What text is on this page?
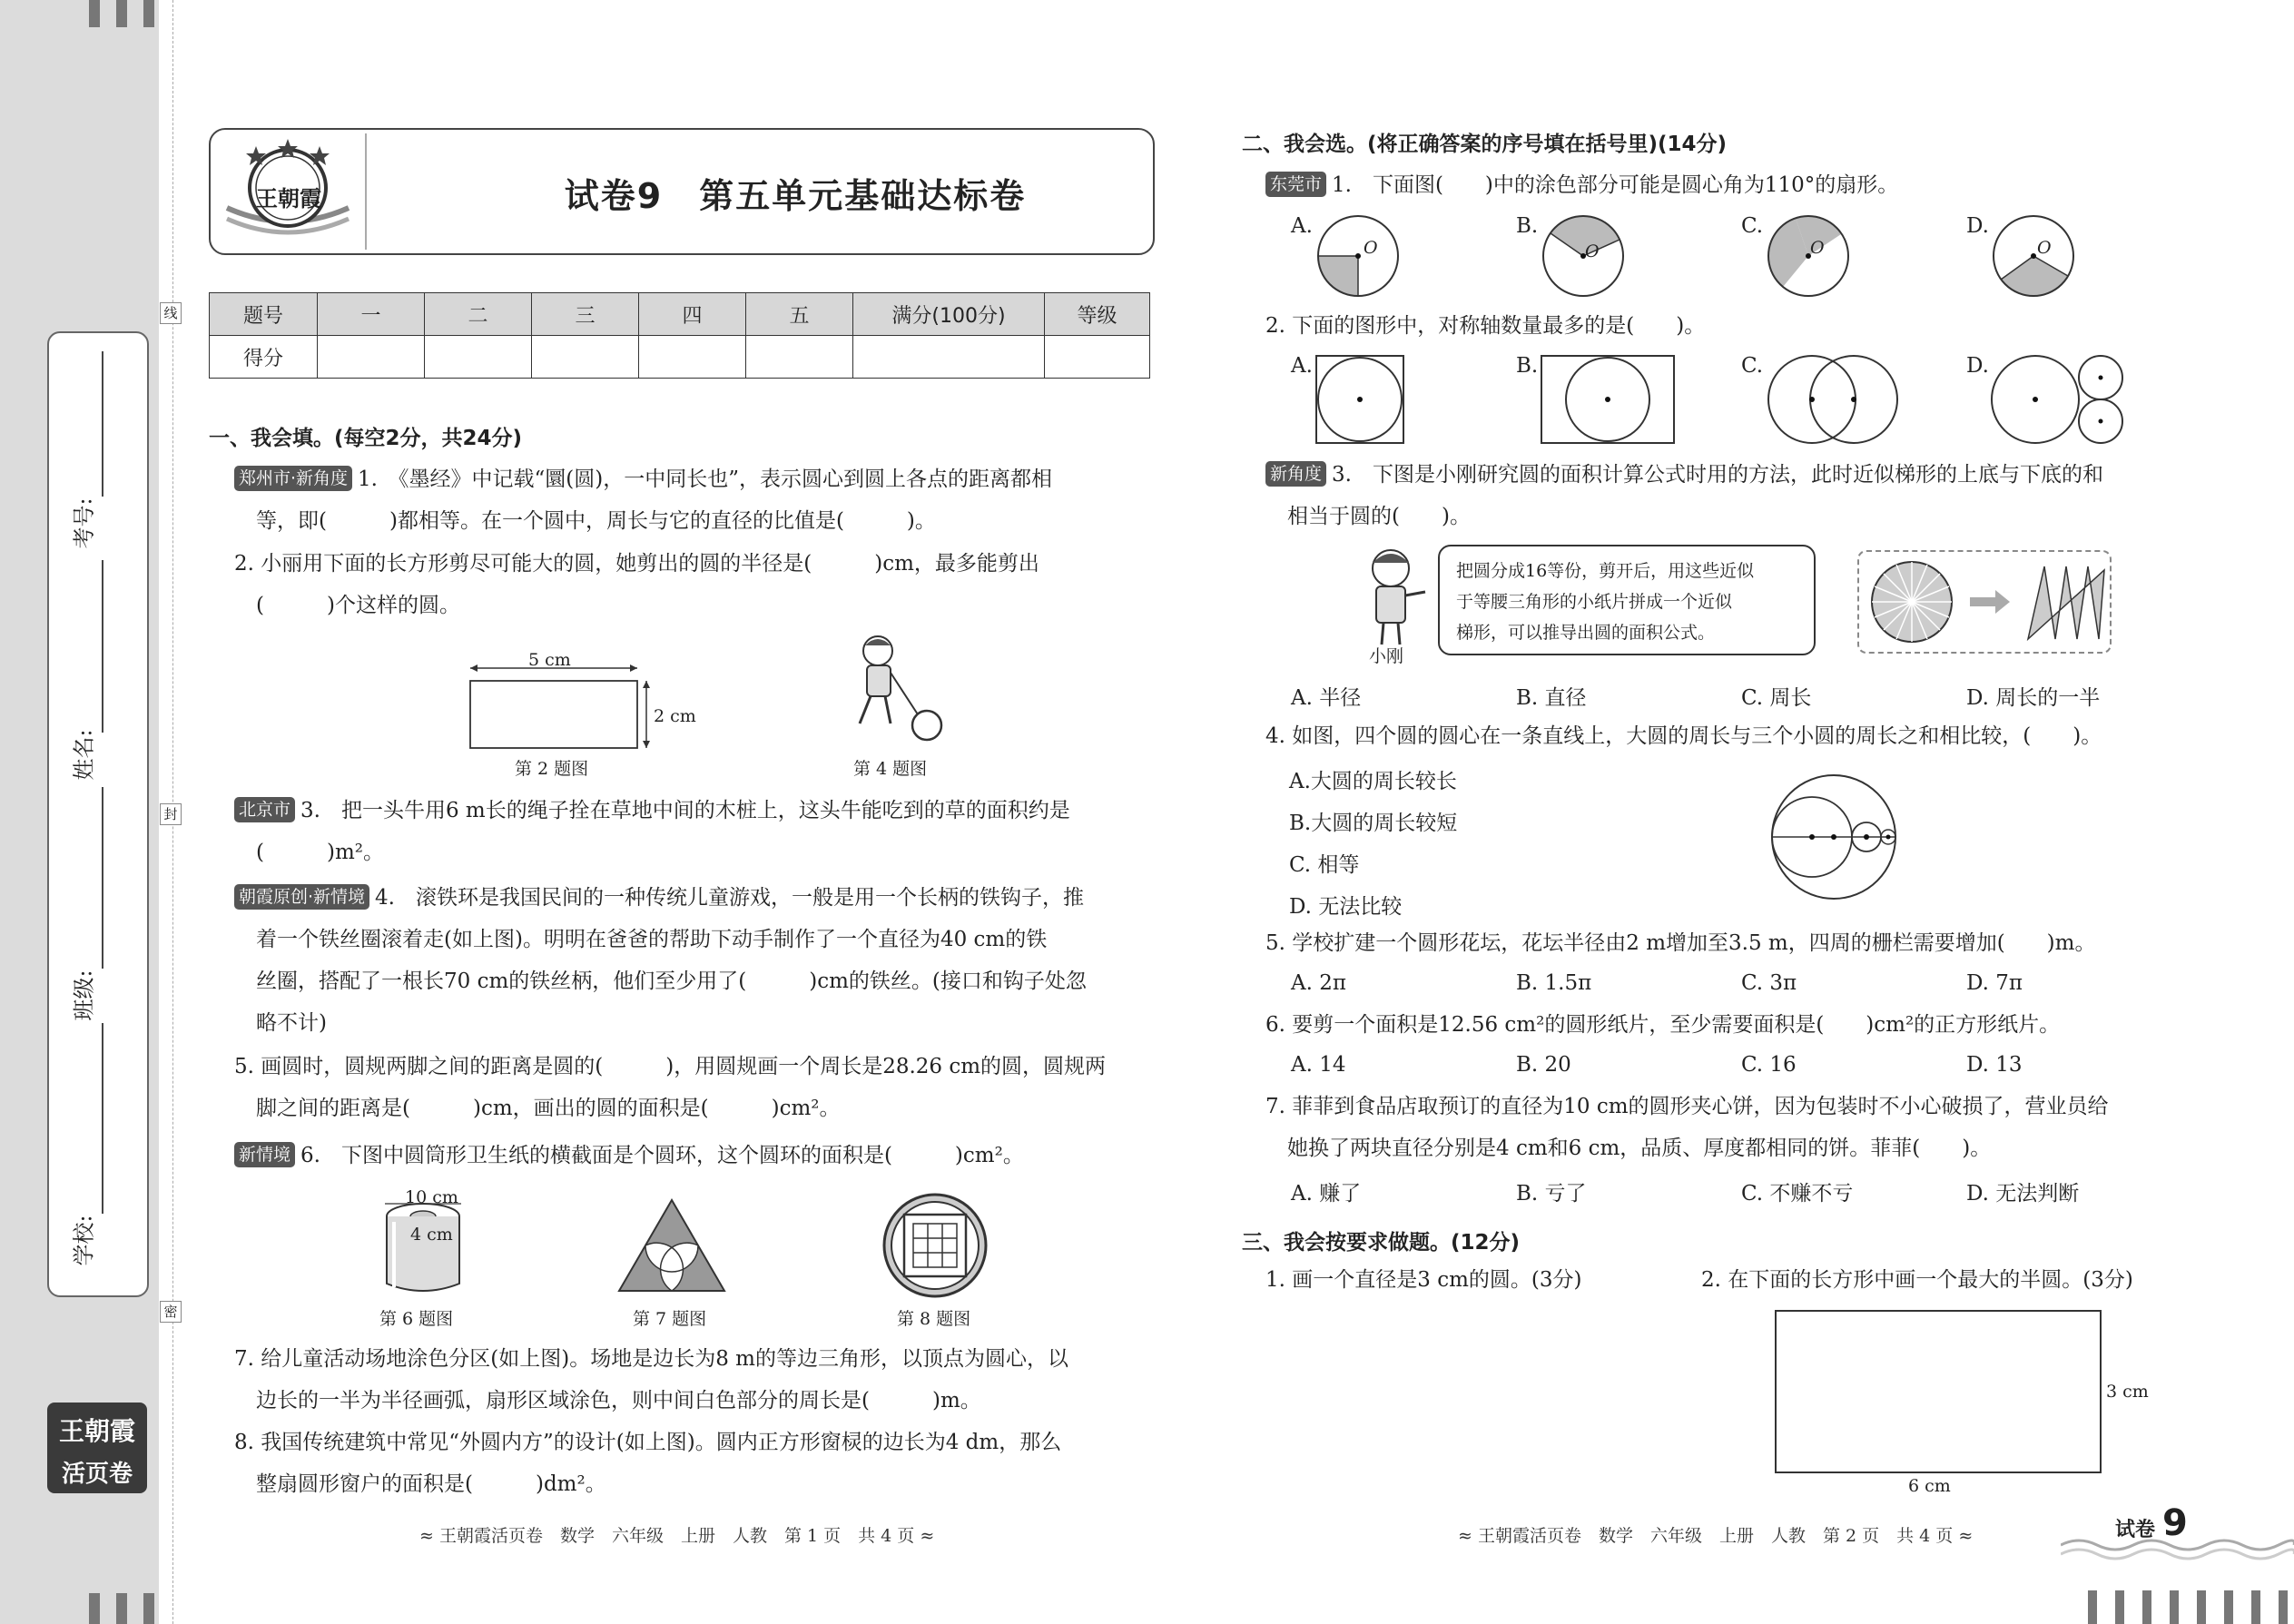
学校:
班级:
姓名:
考号:
线
封
密
王朝霞
活页卷
王朝霞	试卷9　第五单元基础达标卷
题号	一	二	三	四	五	满分(100分)	等级
得分							
一、我会填。(每空2分，共24分)
郑州市·新角度 1.　《墨经》中记载“圜(圆)，一中同长也”，表示圆心到圆上各点的距离都相
等，即(　　　)都相等。在一个圆中，周长与它的直径的比值是(　　　)。
2. 小丽用下面的长方形剪尽可能大的圆，她剪出的圆的半径是(　　　)cm，最多能剪出
(　　　)个这样的圆。
5 cm
2 cm
第 2 题图	第 4 题图
北京市 3.　把一头牛用6 m长的绳子拴在草地中间的木桩上，这头牛能吃到的草的面积约是
(　　　)m²。
朝霞原创·新情境 4.　滚铁环是我国民间的一种传统儿童游戏，一般是用一个长柄的铁钩子，推
着一个铁丝圈滚着走(如上图)。明明在爸爸的帮助下动手制作了一个直径为40 cm的铁
丝圈，搭配了一根长70 cm的铁丝柄，他们至少用了(　　　)cm的铁丝。(接口和钩子处忽
略不计)
5. 画圆时，圆规两脚之间的距离是圆的(　　　)，用圆规画一个周长是28.26 cm的圆，圆规两
脚之间的距离是(　　　)cm，画出的圆的面积是(　　　)cm²。
新情境 6.　下图中圆筒形卫生纸的横截面是个圆环，这个圆环的面积是(　　　)cm²。
10 cm
4 cm
第 6 题图	第 7 题图	第 8 题图
7. 给儿童活动场地涂色分区(如上图)。场地是边长为8 m的等边三角形，以顶点为圆心，以
边长的一半为半径画弧，扇形区域涂色，则中间白色部分的周长是(　　　)m。
8. 我国传统建筑中常见“外圆内方”的设计(如上图)。圆内正方形窗棂的边长为4 dm，那么
整扇圆形窗户的面积是(　　　)dm²。
≈ 王朝霞活页卷　数学　六年级　上册　人教　第 1 页　共 4 页 ≈
二、我会选。(将正确答案的序号填在括号里)(14分)
东莞市 1.　下面图(　　)中的涂色部分可能是圆心角为110°的扇形。
A.	B.	C.	D.
O	O	O	O
2. 下面的图形中，对称轴数量最多的是(　　)。
A.	B.	C.	D.
新角度 3.　下图是小刚研究圆的面积计算公式时用的方法，此时近似梯形的上底与下底的和
相当于圆的(　　)。
小刚
把圆分成16等份，剪开后，用这些近似
于等腰三角形的小纸片拼成一个近似
梯形，可以推导出圆的面积公式。
A. 半径	B. 直径	C. 周长	D. 周长的一半
4. 如图，四个圆的圆心在一条直线上，大圆的周长与三个小圆的周长之和相比较，(　　)。
A.大圆的周长较长
B.大圆的周长较短
C. 相等
D. 无法比较
5. 学校扩建一个圆形花坛，花坛半径由2 m增加至3.5 m，四周的栅栏需要增加(　　)m。
A. 2π	B. 1.5π	C. 3π	D. 7π
6. 要剪一个面积是12.56 cm²的圆形纸片，至少需要面积是(　　)cm²的正方形纸片。
A. 14	B. 20	C. 16	D. 13
7. 菲菲到食品店取预订的直径为10 cm的圆形夹心饼，因为包装时不小心破损了，营业员给
她换了两块直径分别是4 cm和6 cm，品质、厚度都相同的饼。菲菲(　　)。
A. 赚了	B. 亏了	C. 不赚不亏	D. 无法判断
三、我会按要求做题。(12分)
1. 画一个直径是3 cm的圆。(3分)	2. 在下面的长方形中画一个最大的半圆。(3分)
3 cm
6 cm
≈ 王朝霞活页卷　数学　六年级　上册　人教　第 2 页　共 4 页 ≈	试卷 9
